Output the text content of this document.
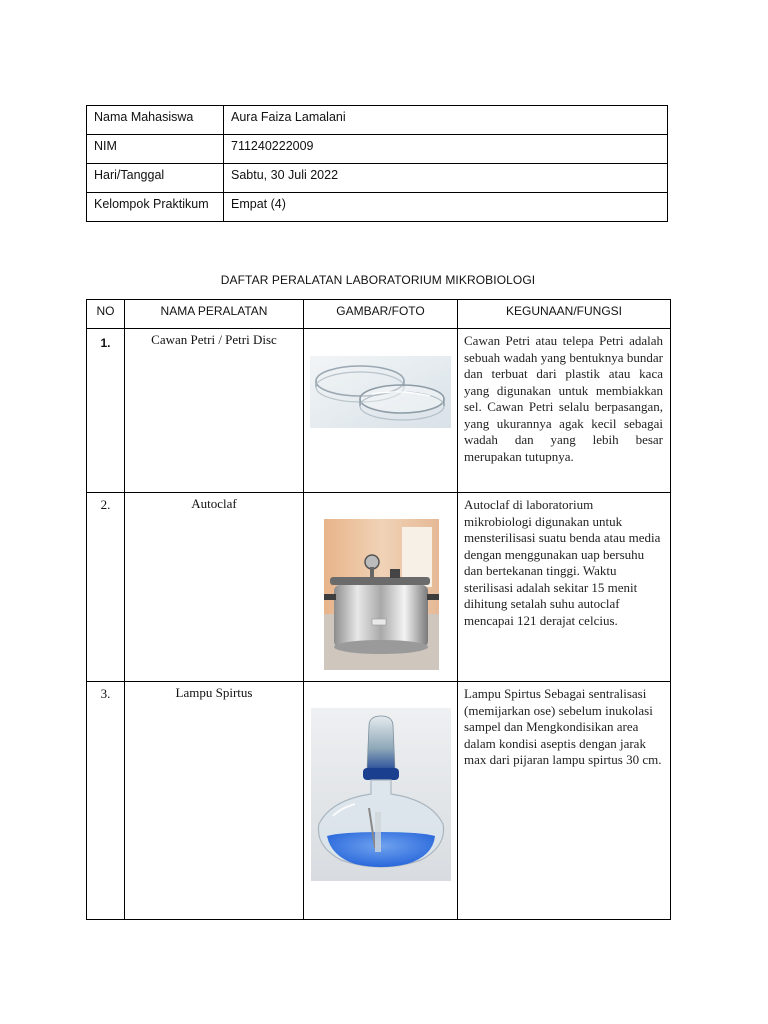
Nama Mahasiswa	Aura Faiza Lamalani
NIM	711240222009
Hari/Tanggal	Sabtu, 30 Juli 2022
Kelompok Praktikum	Empat (4)
DAFTAR PERALATAN LABORATORIUM MIKROBIOLOGI
NO	NAMA PERALATAN	GAMBAR/FOTO	KEGUNAAN/FUNGSI
1.	Cawan Petri / Petri Disc		Cawan Petri atau telepa Petri adalah sebuah wadah yang bentuknya bundar dan terbuat dari plastik atau kaca yang digunakan untuk membiakkan sel. Cawan Petri selalu berpasangan, yang ukurannya agak kecil sebagai wadah dan yang lebih besar merupakan tutupnya.
2.	Autoclaf		Autoclaf di laboratorium mikrobiologi digunakan untuk mensterilisasi suatu benda atau media dengan menggunakan uap bersuhu dan bertekanan tinggi. Waktu sterilisasi adalah sekitar 15 menit dihitung setalah suhu autoclaf mencapai 121 derajat celcius.
3.	Lampu Spirtus		Lampu Spirtus Sebagai sentralisasi (memijarkan ose) sebelum inukolasi sampel dan Mengkondisikan area dalam kondisi aseptis dengan jarak max dari pijaran lampu spirtus 30 cm.
